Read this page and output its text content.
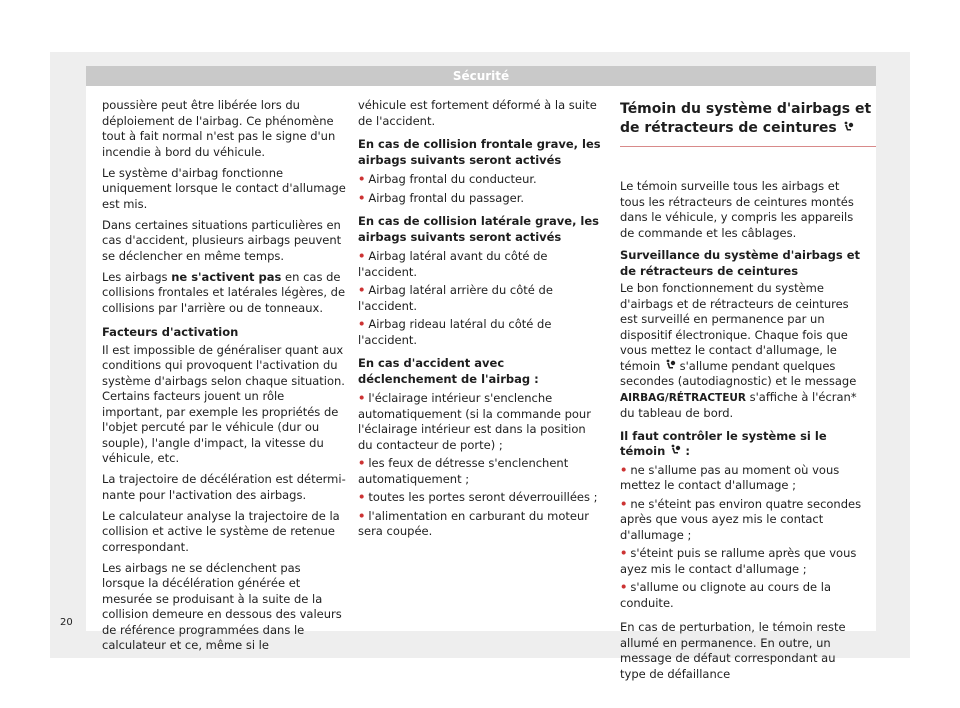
Sécurité

poussière peut être libérée lors du déploiement de l'airbag. Ce phénomène tout à fait normal n'est pas le signe d'un incendie à bord du véhicule.

Le système d'airbag fonctionne uniquement lorsque le contact d'allumage est mis.

Dans certaines situations particulières en cas d'accident, plusieurs airbags peuvent se déclencher en même temps.

Les airbags ne s'activent pas en cas de collisions frontales et latérales légères, de collisions par l'arrière ou de tonneaux.

Facteurs d'activation

Il est impossible de généraliser quant aux conditions qui provoquent l'activation du système d'airbags selon chaque situation. Certains facteurs jouent un rôle important, par exemple les propriétés de l'objet percuté par le véhicule (dur ou souple), l'angle d'impact, la vitesse du véhicule, etc.

La trajectoire de décélération est déterminante pour l'activation des airbags.

Le calculateur analyse la trajectoire de la collision et active le système de retenue correspondant.

Les airbags ne se déclenchent pas lorsque la décélération générée et mesurée se produisant à la suite de la collision demeure en dessous des valeurs de référence programmées dans le calculateur et ce, même si le

véhicule est fortement déformé à la suite de l'accident.

En cas de collision frontale grave, les airbags suivants seront activés

• Airbag frontal du conducteur.
• Airbag frontal du passager.

En cas de collision latérale grave, les airbags suivants seront activés

• Airbag latéral avant du côté de l'accident.
• Airbag latéral arrière du côté de l'accident.
• Airbag rideau latéral du côté de l'accident.

En cas d'accident avec déclenchement de l'airbag :

• l'éclairage intérieur s'enclenche automatiquement (si la commande pour l'éclairage intérieur est dans la position du contacteur de porte) ;
• les feux de détresse s'enclenchent automatiquement ;
• toutes les portes seront déverrouillées ;
• l'alimentation en carburant du moteur sera coupée.
Témoin du système d'airbags et de rétracteurs de ceintures

Le témoin surveille tous les airbags et tous les rétracteurs de ceintures montés dans le véhicule, y compris les appareils de commande et les câblages.

Surveillance du système d'airbags et de rétracteurs de ceintures

Le bon fonctionnement du système d'airbags et de rétracteurs de ceintures est surveillé en permanence par un dispositif électronique. Chaque fois que vous mettez le contact d'allumage, le témoin
s'allume pendant quelques secondes (autodiagnostic) et le message AIRBAG/RÉTRACTEUR s'affiche à l'écran* du tableau de bord.

Il faut contrôler le système si le témoin
:

• ne s'allume pas au moment où vous mettez le contact d'allumage ;
• ne s'éteint pas environ quatre secondes après que vous ayez mis le contact d'allumage ;
• s'éteint puis se rallume après que vous ayez mis le contact d'allumage ;
• s'allume ou clignote au cours de la conduite.

En cas de perturbation, le témoin reste allumé en permanence. En outre, un message de défaut correspondant au type de défaillance

20
